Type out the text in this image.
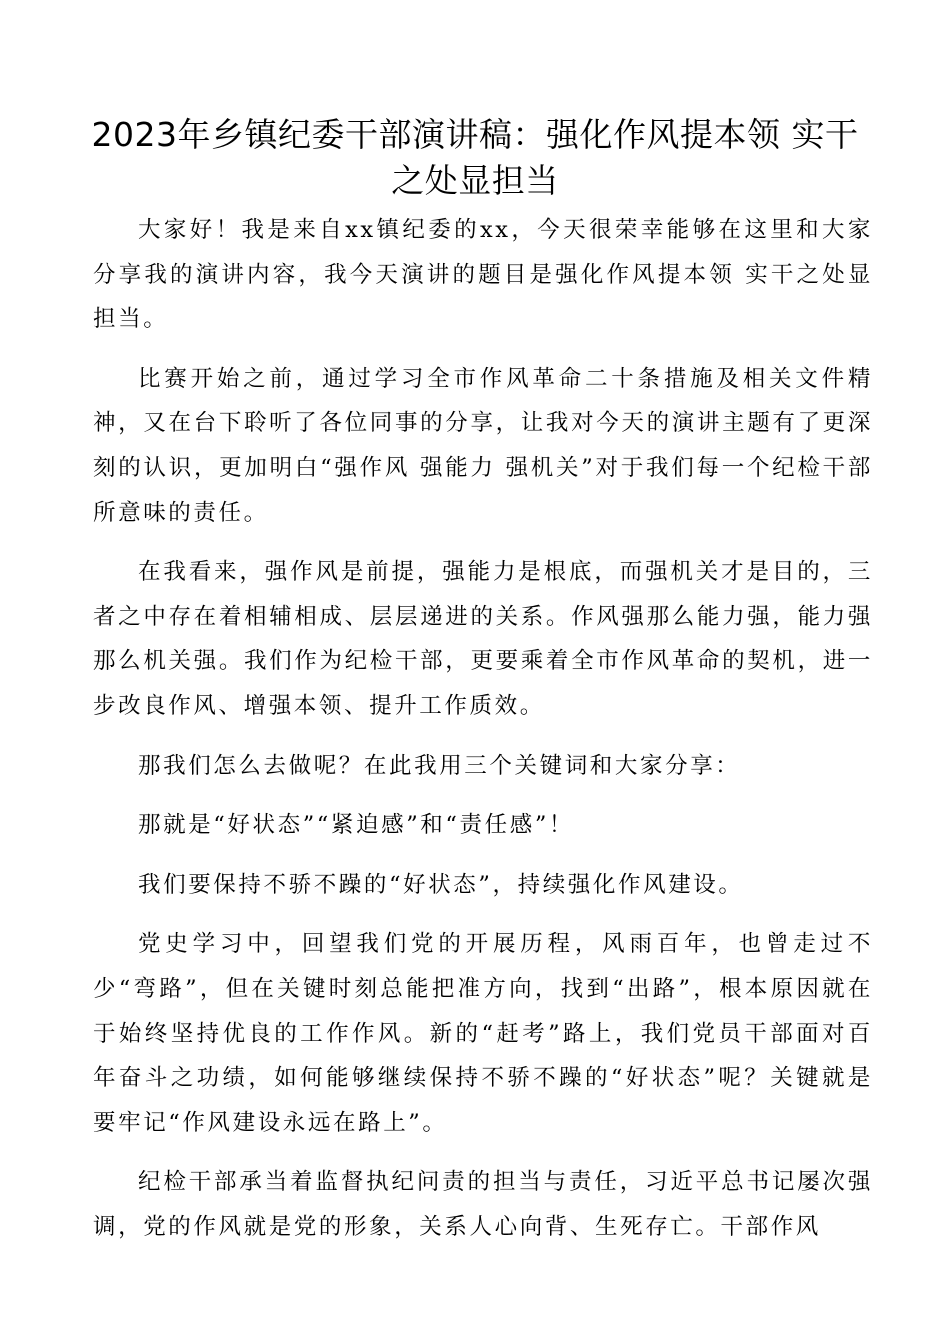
2023年乡镇纪委干部演讲稿：强化作风提本领 实干之处显担当

大家好！我是来自xx镇纪委的xx，今天很荣幸能够在这里和大家分享我的演讲内容，我今天演讲的题目是强化作风提本领 实干之处显担当。

比赛开始之前，通过学习全市作风革命二十条措施及相关文件精神，又在台下聆听了各位同事的分享，让我对今天的演讲主题有了更深刻的认识，更加明白“强作风 强能力 强机关”对于我们每一个纪检干部所意味的责任。

在我看来，强作风是前提，强能力是根底，而强机关才是目的，三者之中存在着相辅相成、层层递进的关系。作风强那么能力强，能力强那么机关强。我们作为纪检干部，更要乘着全市作风革命的契机，进一步改良作风、增强本领、提升工作质效。

那我们怎么去做呢？在此我用三个关键词和大家分享：

那就是“好状态”“紧迫感”和“责任感”！

我们要保持不骄不躁的“好状态”，持续强化作风建设。

党史学习中，回望我们党的开展历程，风雨百年，也曾走过不少“弯路”，但在关键时刻总能把准方向，找到“出路”，根本原因就在于始终坚持优良的工作作风。新的“赶考”路上，我们党员干部面对百年奋斗之功绩，如何能够继续保持不骄不躁的“好状态”呢？关键就是要牢记“作风建设永远在路上”。

纪检干部承当着监督执纪问责的担当与责任，习近平总书记屡次强调，党的作风就是党的形象，关系人心向背、生死存亡。干部作风
